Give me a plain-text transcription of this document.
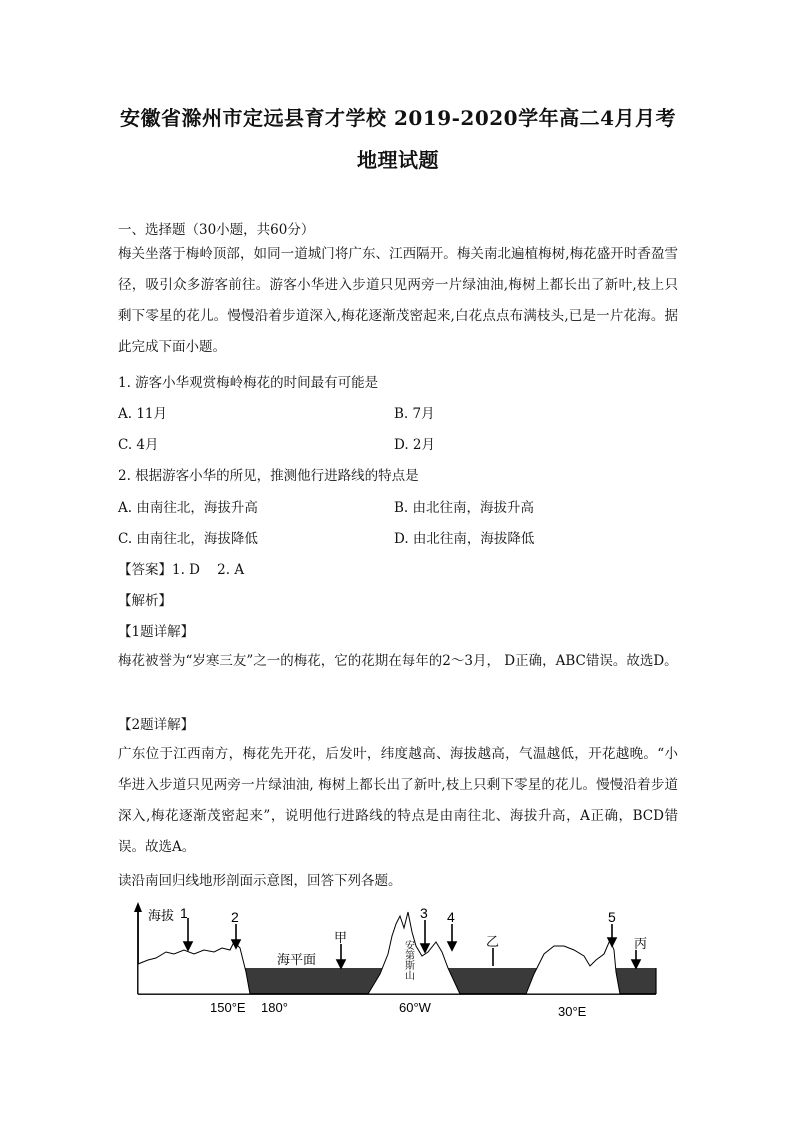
安徽省滁州市定远县育才学校 2019-2020学年高二4月月考
地理试题
一、选择题（30小题，共60分）

梅关坐落于梅岭顶部，如同一道城门将广东、江西隔开。梅关南北遍植梅树,梅花盛开时香盈雪径，吸引众多游客前往。游客小华进入步道只见两旁一片绿油油,梅树上都长出了新叶,枝上只剩下零星的花儿。慢慢沿着步道深入,梅花逐渐茂密起来,白花点点布满枝头,已是一片花海。据此完成下面小题。

1. 游客小华观赏梅岭梅花的时间最有可能是
A. 11月	B. 7月
C. 4月	D. 2月
2. 根据游客小华的所见，推测他行进路线的特点是
A. 由南往北，海拔升高	B. 由北往南，海拔升高
C. 由南往北，海拔降低	D. 由北往南，海拔降低
【答案】1. D    2. A
【解析】
【1题详解】

梅花被誉为“岁寒三友”之一的梅花，它的花期在每年的2～3月， D正确，ABC错误。故选D。

【2题详解】

广东位于江西南方，梅花先开花，后发叶，纬度越高、海拔越高，气温越低，开花越晚。“小华进入步道只见两旁一片绿油油, 梅树上都长出了新叶,枝上只剩下零星的花儿。慢慢沿着步道深入,梅花逐渐茂密起来”，说明他行进路线的特点是由南往北、海拔升高，A正确，BCD错误。故选A。

读沿南回归线地形剖面示意图，回答下列各题。
海拔 1	2
海平面
甲
3 4
乙
5
丙
安第斯山
150°E 180°	60°W	30°E
